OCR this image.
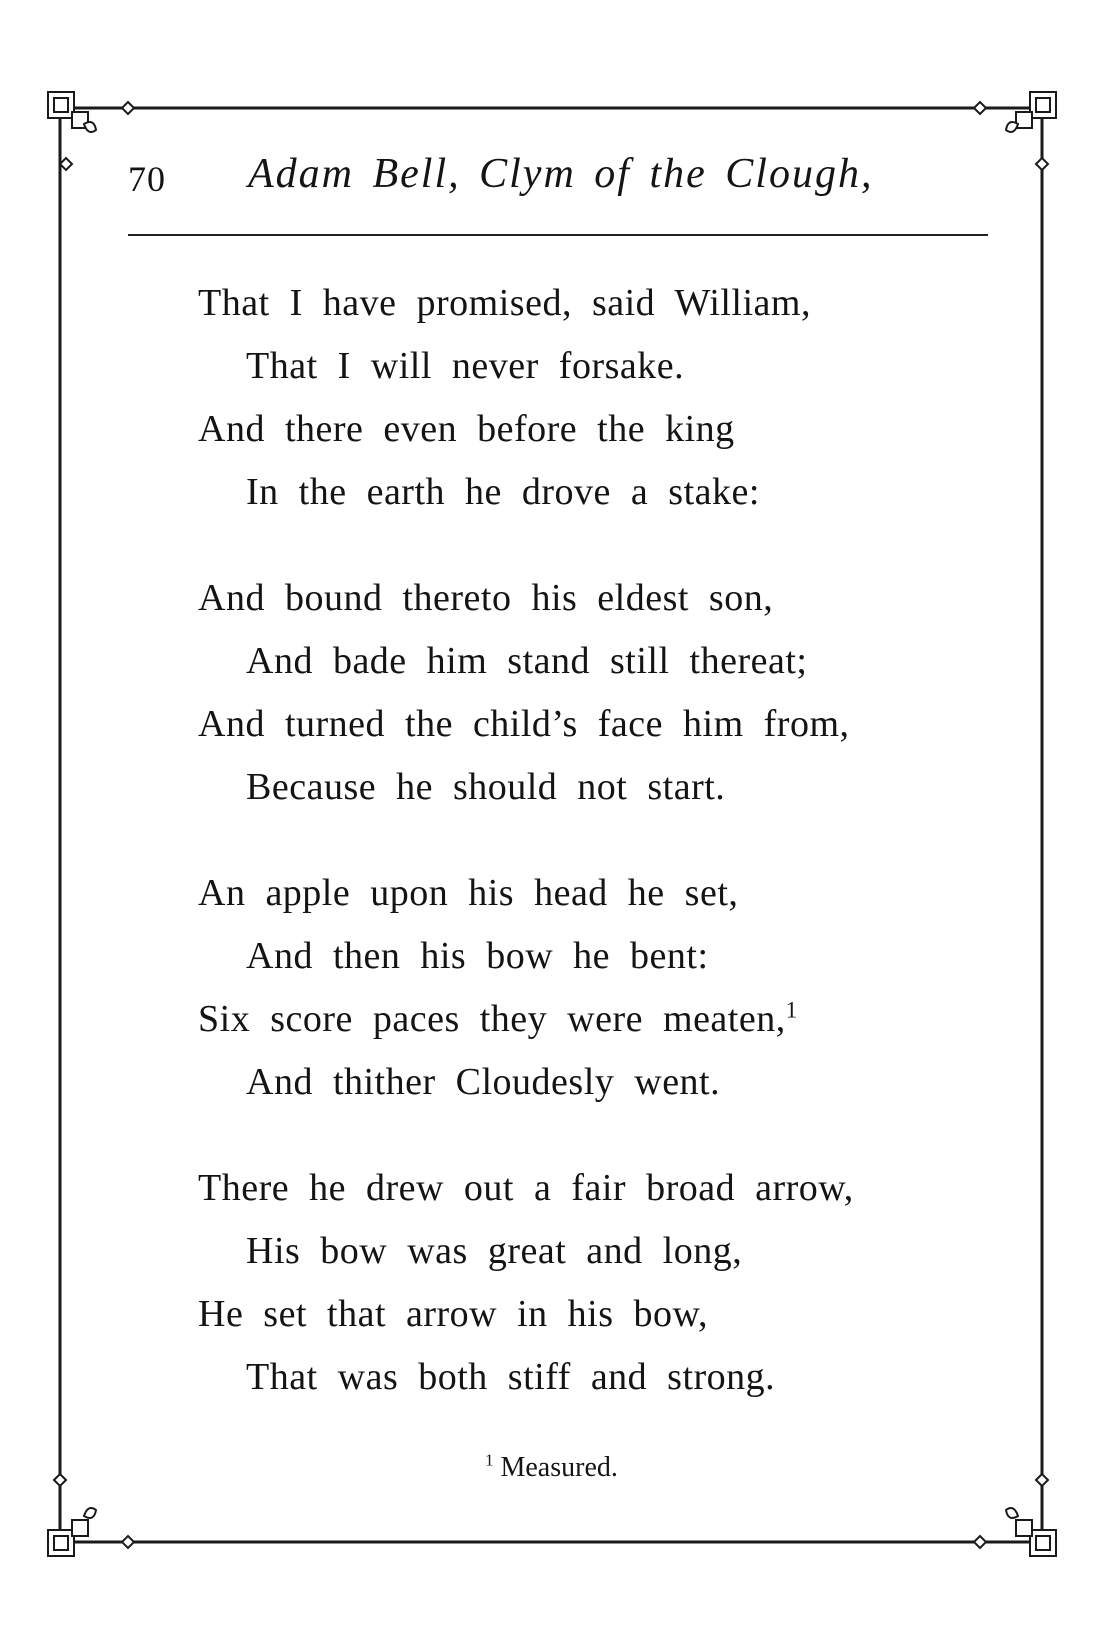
70 Adam Bell, Clym of the Clough,
That I have promised, said William,
That I will never forsake.
And there even before the king
In the earth he drove a stake:
And bound thereto his eldest son,
And bade him stand still thereat;
And turned the child’s face him from,
Because he should not start.
An apple upon his head he set,
And then his bow he bent:
Six score paces they were meaten,$^1$
And thither Cloudesly went.
There he drew out a fair broad arrow,
His bow was great and long,
He set that arrow in his bow,
That was both stiff and strong.
$^1$ Measured.
